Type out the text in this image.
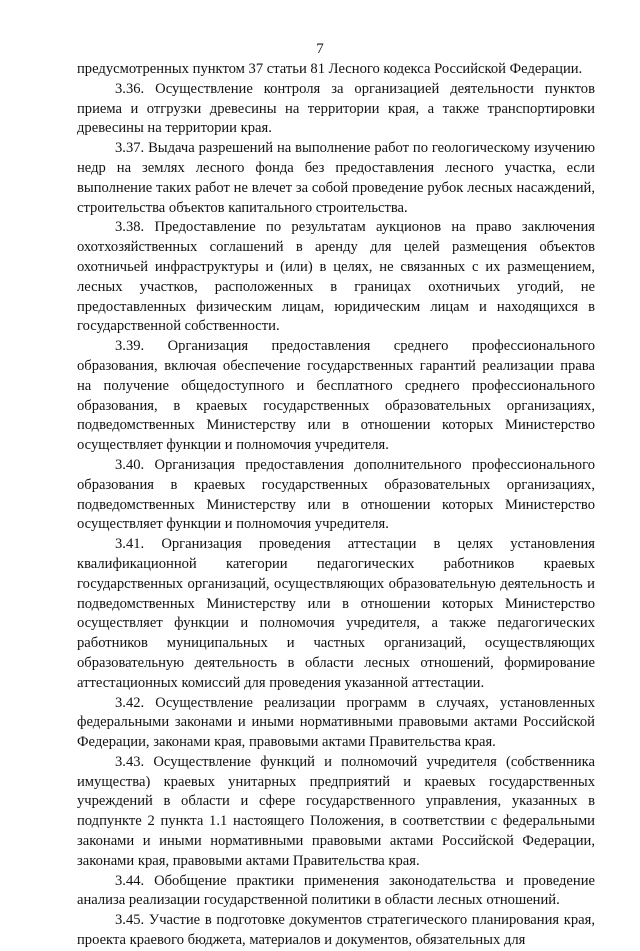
7

предусмотренных пунктом 37 статьи 81 Лесного кодекса Российской Федерации.

3.36. Осуществление контроля за организацией деятельности пунктов приема и отгрузки древесины на территории края, а также транспортировки древесины на территории края.

3.37. Выдача разрешений на выполнение работ по геологическому изучению недр на землях лесного фонда без предоставления лесного участка, если выполнение таких работ не влечет за собой проведение рубок лесных насаждений, строительства объектов капитального строительства.

3.38. Предоставление по результатам аукционов на право заключения охотхозяйственных соглашений в аренду для целей размещения объектов охотничьей инфраструктуры и (или) в целях, не связанных с их размещением, лесных участков, расположенных в границах охотничьих угодий, не предоставленных физическим лицам, юридическим лицам и находящихся в государственной собственности.

3.39. Организация предоставления среднего профессионального образования, включая обеспечение государственных гарантий реализации права на получение общедоступного и бесплатного среднего профессионального образования, в краевых государственных образовательных организациях, подведомственных Министерству или в отношении которых Министерство осуществляет функции и полномочия учредителя.

3.40. Организация предоставления дополнительного профессионального образования в краевых государственных образовательных организациях, подведомственных Министерству или в отношении которых Министерство осуществляет функции и полномочия учредителя.

3.41. Организация проведения аттестации в целях установления квалификационной категории педагогических работников краевых государственных организаций, осуществляющих образовательную деятельность и подведомственных Министерству или в отношении которых Министерство осуществляет функции и полномочия учредителя, а также педагогических работников муниципальных и частных организаций, осуществляющих образовательную деятельность в области лесных отношений, формирование аттестационных комиссий для проведения указанной аттестации.

3.42. Осуществление реализации программ в случаях, установленных федеральными законами и иными нормативными правовыми актами Российской Федерации, законами края, правовыми актами Правительства края.

3.43. Осуществление функций и полномочий учредителя (собственника имущества) краевых унитарных предприятий и краевых государственных учреждений в области и сфере государственного управления, указанных в подпункте 2 пункта 1.1 настоящего Положения, в соответствии с федеральными законами и иными нормативными правовыми актами Российской Федерации, законами края, правовыми актами Правительства края.

3.44. Обобщение практики применения законодательства и проведение анализа реализации государственной политики в области лесных отношений.

3.45. Участие в подготовке документов стратегического планирования края, проекта краевого бюджета, материалов и документов, обязательных для
